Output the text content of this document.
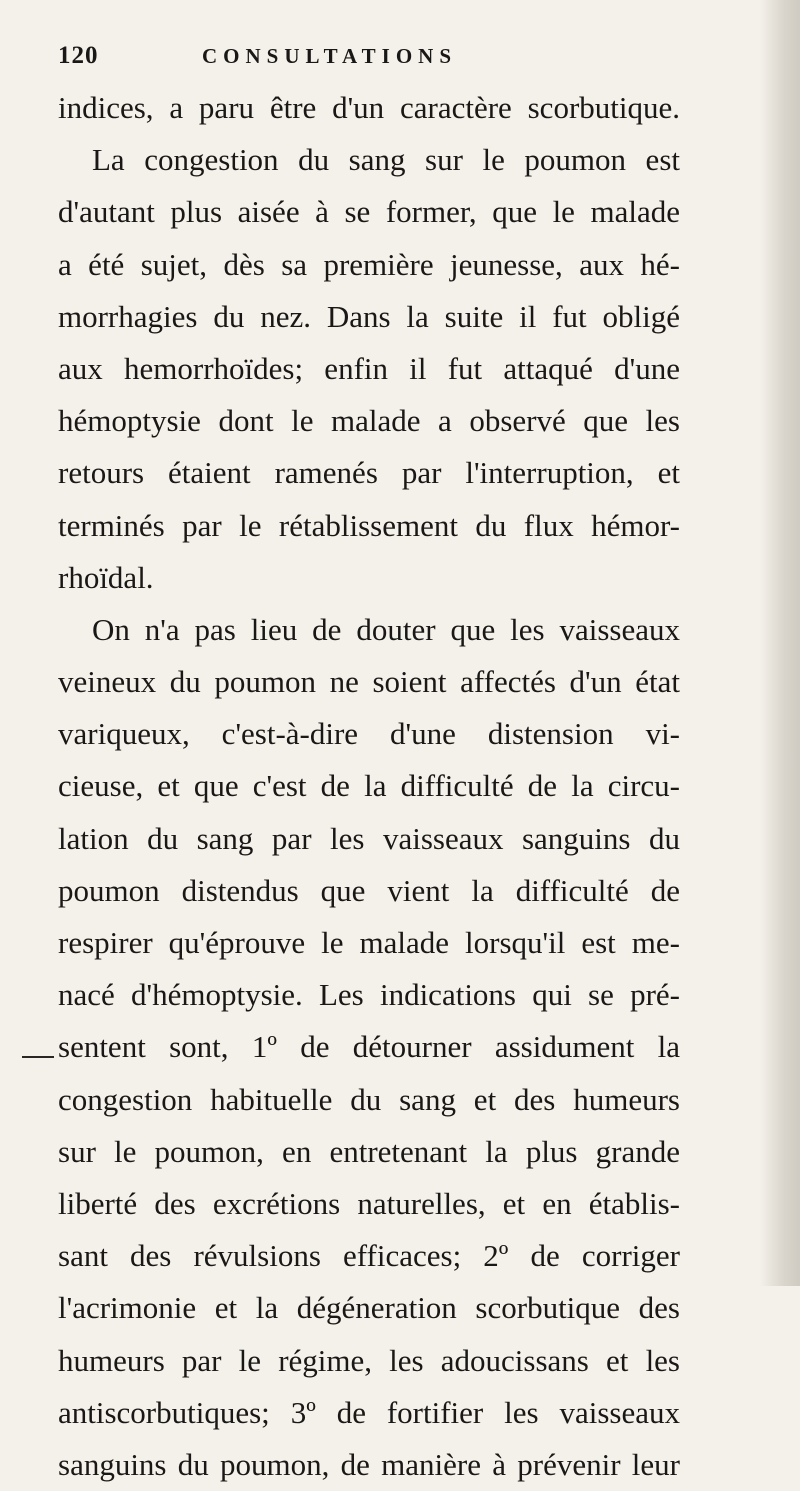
120	CONSULTATIONS
indices, a paru être d'un caractère scorbutique.
La congestion du sang sur le poumon est
d'autant plus aisée à se former, que le malade
a été sujet, dès sa première jeunesse, aux hé-
morrhagies du nez. Dans la suite il fut obligé
aux hemorrhoïdes; enfin il fut attaqué d'une
hémoptysie dont le malade a observé que les
retours étaient ramenés par l'interruption, et
terminés par le rétablissement du flux hémor-
rhoïdal.
On n'a pas lieu de douter que les vaisseaux
veineux du poumon ne soient affectés d'un état
variqueux, c'est-à-dire d'une distension vi-
cieuse, et que c'est de la difficulté de la circu-
lation du sang par les vaisseaux sanguins du
poumon distendus que vient la difficulté de
respirer qu'éprouve le malade lorsqu'il est me-
nacé d'hémoptysie. Les indications qui se pré-
sentent sont, 1º de détourner assidument la
congestion habituelle du sang et des humeurs
sur le poumon, en entretenant la plus grande
liberté des excrétions naturelles, et en établis-
sant des révulsions efficaces; 2º de corriger
l'acrimonie et la dégéneration scorbutique des
humeurs par le régime, les adoucissans et les
antiscorbutiques; 3º de fortifier les vaisseaux
sanguins du poumon, de manière à prévenir leur
